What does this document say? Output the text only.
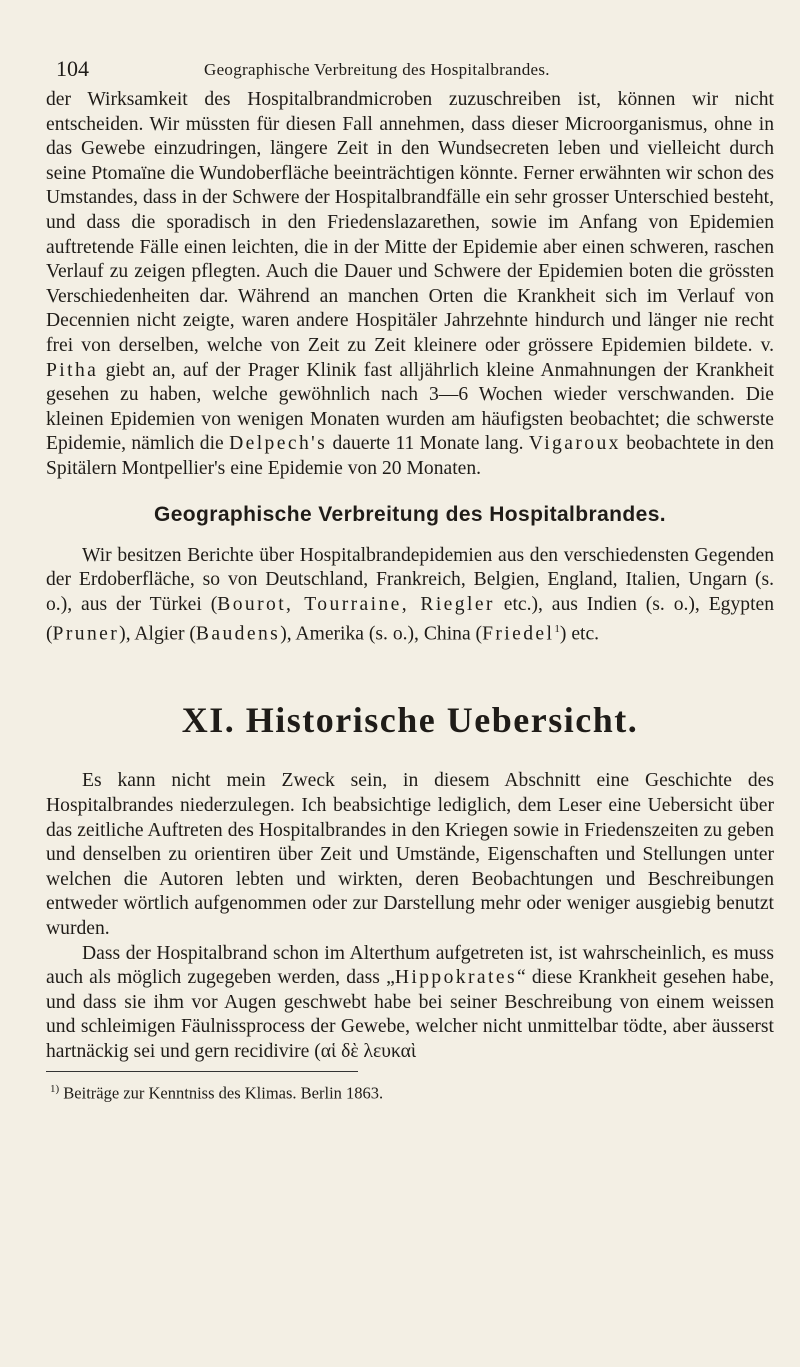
104	Geographische Verbreitung des Hospitalbrandes.

der Wirksamkeit des Hospitalbrandmicroben zuzuschreiben ist, können wir nicht entscheiden. Wir müssten für diesen Fall annehmen, dass dieser Microorganismus, ohne in das Gewebe einzudringen, längere Zeit in den Wundsecreten leben und vielleicht durch seine Ptomaïne die Wundoberfläche beeinträchtigen könnte. Ferner erwähnten wir schon des Umstandes, dass in der Schwere der Hospitalbrandfälle ein sehr grosser Unterschied besteht, und dass die sporadisch in den Friedenslazarethen, sowie im Anfang von Epidemien auftretende Fälle einen leichten, die in der Mitte der Epidemie aber einen schweren, raschen Verlauf zu zeigen pflegten. Auch die Dauer und Schwere der Epidemien boten die grössten Verschiedenheiten dar. Während an manchen Orten die Krankheit sich im Verlauf von Decennien nicht zeigte, waren andere Hospitäler Jahrzehnte hindurch und länger nie recht frei von derselben, welche von Zeit zu Zeit kleinere oder grössere Epidemien bildete. v. Pitha giebt an, auf der Prager Klinik fast alljährlich kleine Anmahnungen der Krankheit gesehen zu haben, welche gewöhnlich nach 3—6 Wochen wieder verschwanden. Die kleinen Epidemien von wenigen Monaten wurden am häufigsten beobachtet; die schwerste Epidemie, nämlich die Delpech's dauerte 11 Monate lang. Vigaroux beobachtete in den Spitälern Montpellier's eine Epidemie von 20 Monaten.

Geographische Verbreitung des Hospitalbrandes.

Wir besitzen Berichte über Hospitalbrandepidemien aus den verschiedensten Gegenden der Erdoberfläche, so von Deutschland, Frankreich, Belgien, England, Italien, Ungarn (s. o.), aus der Türkei (Bourot, Tourraine, Riegler etc.), aus Indien (s. o.), Egypten (Pruner), Algier (Baudens), Amerika (s. o.), China (Friedel$^1$) etc.

XI. Historische Uebersicht.

Es kann nicht mein Zweck sein, in diesem Abschnitt eine Geschichte des Hospitalbrandes niederzulegen. Ich beabsichtige lediglich, dem Leser eine Uebersicht über das zeitliche Auftreten des Hospitalbrandes in den Kriegen sowie in Friedenszeiten zu geben und denselben zu orientiren über Zeit und Umstände, Eigenschaften und Stellungen unter welchen die Autoren lebten und wirkten, deren Beobachtungen und Beschreibungen entweder wörtlich aufgenommen oder zur Darstellung mehr oder weniger ausgiebig benutzt wurden.

Dass der Hospitalbrand schon im Alterthum aufgetreten ist, ist wahrscheinlich, es muss auch als möglich zugegeben werden, dass „Hippokrates“ diese Krankheit gesehen habe, und dass sie ihm vor Augen geschwebt habe bei seiner Beschreibung von einem weissen und schleimigen Fäulnissprocess der Gewebe, welcher nicht unmittelbar tödte, aber äusserst hartnäckig sei und gern recidivire (αἱ δὲ λευκαὶ

$^{1)}$ Beiträge zur Kenntniss des Klimas. Berlin 1863.
